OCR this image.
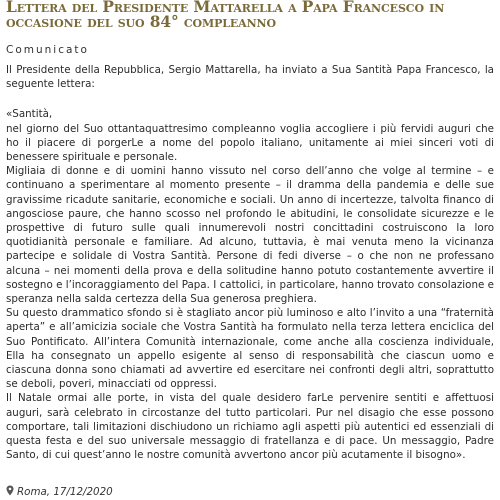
Lettera del Presidente Mattarella a Papa Francesco in occasione del suo 84° compleanno
Comunicato

Il Presidente della Repubblica, Sergio Mattarella, ha inviato a Sua Santità Papa Francesco, la seguente lettera:

«Santità,

nel giorno del Suo ottantaquattresimo compleanno voglia accogliere i più fervidi auguri che ho il piacere di porgerLe a nome del popolo italiano, unitamente ai miei sinceri voti di benessere spirituale e personale.

Migliaia di donne e di uomini hanno vissuto nel corso dell’anno che volge al termine – e continuano a sperimentare al momento presente – il dramma della pandemia e delle sue gravissime ricadute sanitarie, economiche e sociali. Un anno di incertezze, talvolta financo di angosciose paure, che hanno scosso nel profondo le abitudini, le consolidate sicurezze e le prospettive di futuro sulle quali innumerevoli nostri concittadini costruiscono la loro quotidianità personale e familiare. Ad alcuno, tuttavia, è mai venuta meno la vicinanza partecipe e solidale di Vostra Santità. Persone di fedi diverse – o che non ne professano alcuna – nei momenti della prova e della solitudine hanno potuto costantemente avvertire il sostegno e l’incoraggiamento del Papa. I cattolici, in particolare, hanno trovato consolazione e speranza nella salda certezza della Sua generosa preghiera.

Su questo drammatico sfondo si è stagliato ancor più luminoso e alto l’invito a una “fraternità aperta” e all’amicizia sociale che Vostra Santità ha formulato nella terza lettera enciclica del Suo Pontificato. All’intera Comunità internazionale, come anche alla coscienza individuale, Ella ha consegnato un appello esigente al senso di responsabilità che ciascun uomo e ciascuna donna sono chiamati ad avvertire ed esercitare nei confronti degli altri, soprattutto se deboli, poveri, minacciati od oppressi.

Il Natale ormai alle porte, in vista del quale desidero farLe pervenire sentiti e affettuosi auguri, sarà celebrato in circostanze del tutto particolari. Pur nel disagio che esse possono comportare, tali limitazioni dischiudono un richiamo agli aspetti più autentici ed essenziali di questa festa e del suo universale messaggio di fratellanza e di pace. Un messaggio, Padre Santo, di cui quest’anno le nostre comunità avvertono ancor più acutamente il bisogno».

Roma, 17/12/2020
